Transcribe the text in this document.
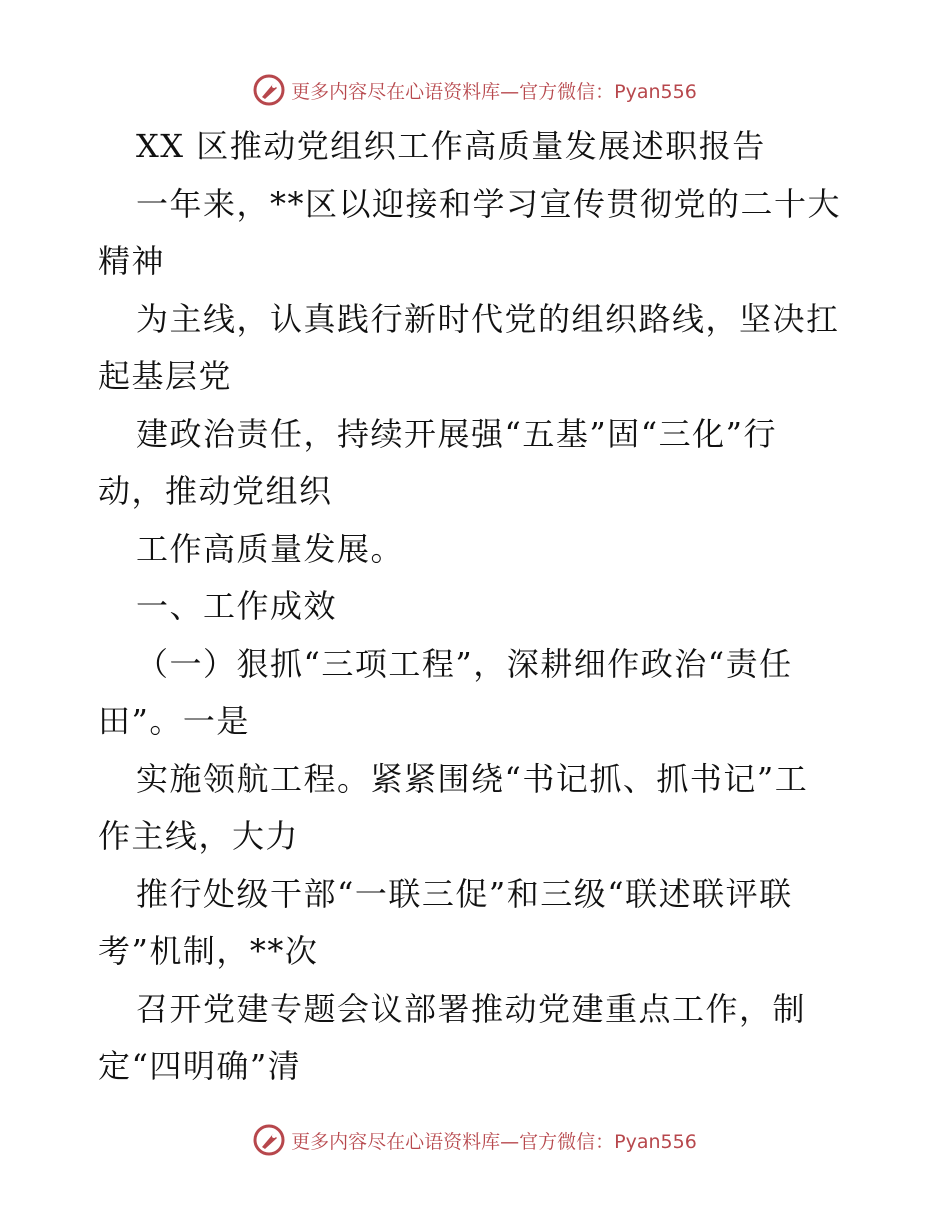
更多内容尽在心语资料库—官方微信：Pyan556
XX 区推动党组织工作高质量发展述职报告
一年来，**区以迎接和学习宣传贯彻党的二十大
精神
为主线，认真践行新时代党的组织路线，坚决扛
起基层党
建政治责任，持续开展强“五基”固“三化”行
动，推动党组织
工作高质量发展。
一、工作成效
（一）狠抓“三项工程”，深耕细作政治“责任
田”。一是
实施领航工程。紧紧围绕“书记抓、抓书记”工
作主线，大力
推行处级干部“一联三促”和三级“联述联评联
考”机制，**次
召开党建专题会议部署推动党建重点工作，制
定“四明确”清
更多内容尽在心语资料库—官方微信：Pyan556
